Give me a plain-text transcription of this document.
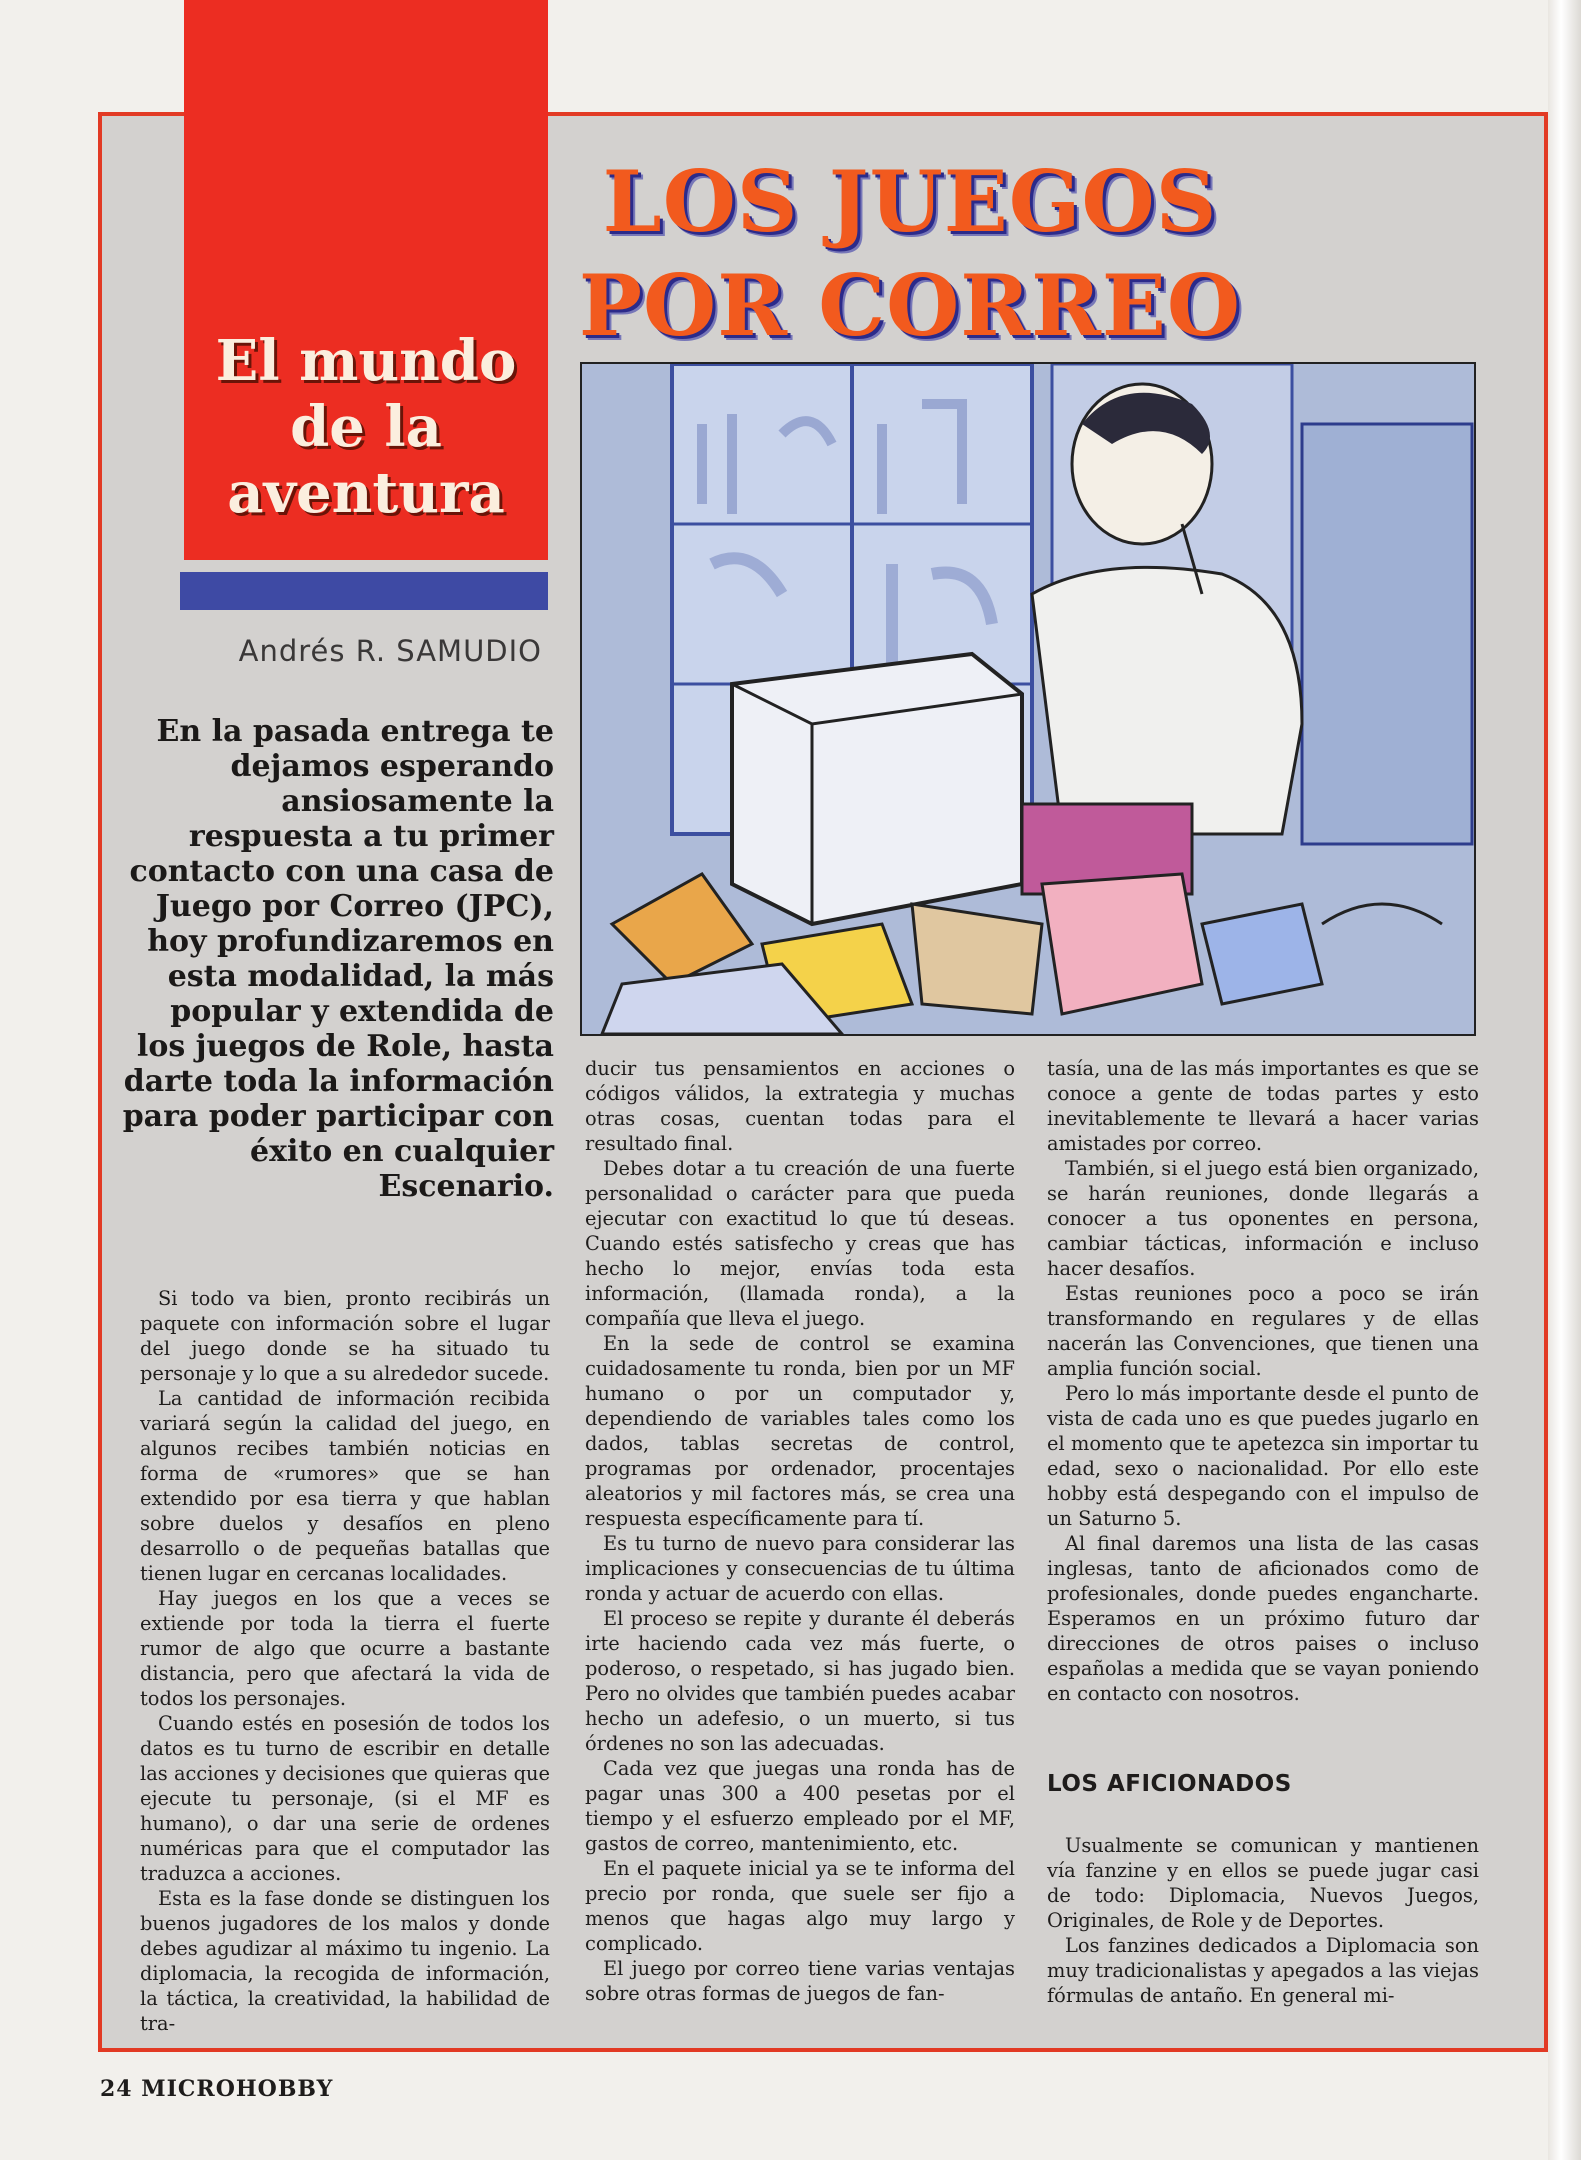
El mundo
de la
aventura
Andrés R. SAMUDIO

En la pasada entrega te dejamos esperando ansiosamente la respuesta a tu primer contacto con una casa de Juego por Correo (JPC), hoy profundizaremos en esta modalidad, la más popular y extendida de los juegos de Role, hasta darte toda la información para poder participar con éxito en cualquier Escenario.

LOS JUEGOS
POR CORREO

Si todo va bien, pronto recibirás un paquete con información sobre el lugar del juego donde se ha situado tu personaje y lo que a su alrededor sucede.

La cantidad de información recibida variará según la calidad del juego, en algunos recibes también noticias en forma de «rumores» que se han extendido por esa tierra y que hablan sobre duelos y desafíos en pleno desarrollo o de pequeñas batallas que tienen lugar en cercanas localidades.

Hay juegos en los que a veces se extiende por toda la tierra el fuerte rumor de algo que ocurre a bastante distancia, pero que afectará la vida de todos los personajes.

Cuando estés en posesión de todos los datos es tu turno de escribir en detalle las acciones y decisiones que quieras que ejecute tu personaje, (si el MF es humano), o dar una serie de ordenes numéricas para que el computador las traduzca a acciones.

Esta es la fase donde se distinguen los buenos jugadores de los malos y donde debes agudizar al máximo tu ingenio. La diplomacia, la recogida de información, la táctica, la creatividad, la habilidad de tra-

ducir tus pensamientos en acciones o códigos válidos, la extrategia y muchas otras cosas, cuentan todas para el resultado final.

Debes dotar a tu creación de una fuerte personalidad o carácter para que pueda ejecutar con exactitud lo que tú deseas. Cuando estés satisfecho y creas que has hecho lo mejor, envías toda esta información, (llamada ronda), a la compañía que lleva el juego.

En la sede de control se examina cuidadosamente tu ronda, bien por un MF humano o por un computador y, dependiendo de variables tales como los dados, tablas secretas de control, programas por ordenador, procentajes aleatorios y mil factores más, se crea una respuesta específicamente para tí.

Es tu turno de nuevo para considerar las implicaciones y consecuencias de tu última ronda y actuar de acuerdo con ellas.

El proceso se repite y durante él deberás irte haciendo cada vez más fuerte, o poderoso, o respetado, si has jugado bien. Pero no olvides que también puedes acabar hecho un adefesio, o un muerto, si tus órdenes no son las adecuadas.

Cada vez que juegas una ronda has de pagar unas 300 a 400 pesetas por el tiempo y el esfuerzo empleado por el MF, gastos de correo, mantenimiento, etc.

En el paquete inicial ya se te informa del precio por ronda, que suele ser fijo a menos que hagas algo muy largo y complicado.

El juego por correo tiene varias ventajas sobre otras formas de juegos de fan-

tasía, una de las más importantes es que se conoce a gente de todas partes y esto inevitablemente te llevará a hacer varias amistades por correo.

También, si el juego está bien organizado, se harán reuniones, donde llegarás a conocer a tus oponentes en persona, cambiar tácticas, información e incluso hacer desafíos.

Estas reuniones poco a poco se irán transformando en regulares y de ellas nacerán las Convenciones, que tienen una amplia función social.

Pero lo más importante desde el punto de vista de cada uno es que puedes jugarlo en el momento que te apetezca sin importar tu edad, sexo o nacionalidad. Por ello este hobby está despegando con el impulso de un Saturno 5.

Al final daremos una lista de las casas inglesas, tanto de aficionados como de profesionales, donde puedes engancharte. Esperamos en un próximo futuro dar direcciones de otros paises o incluso españolas a medida que se vayan poniendo en contacto con nosotros.

LOS AFICIONADOS

Usualmente se comunican y mantienen vía fanzine y en ellos se puede jugar casi de todo: Diplomacia, Nuevos Juegos, Originales, de Role y de Deportes.

Los fanzines dedicados a Diplomacia son muy tradicionalistas y apegados a las viejas fórmulas de antaño. En general mi-

24 MICROHOBBY
